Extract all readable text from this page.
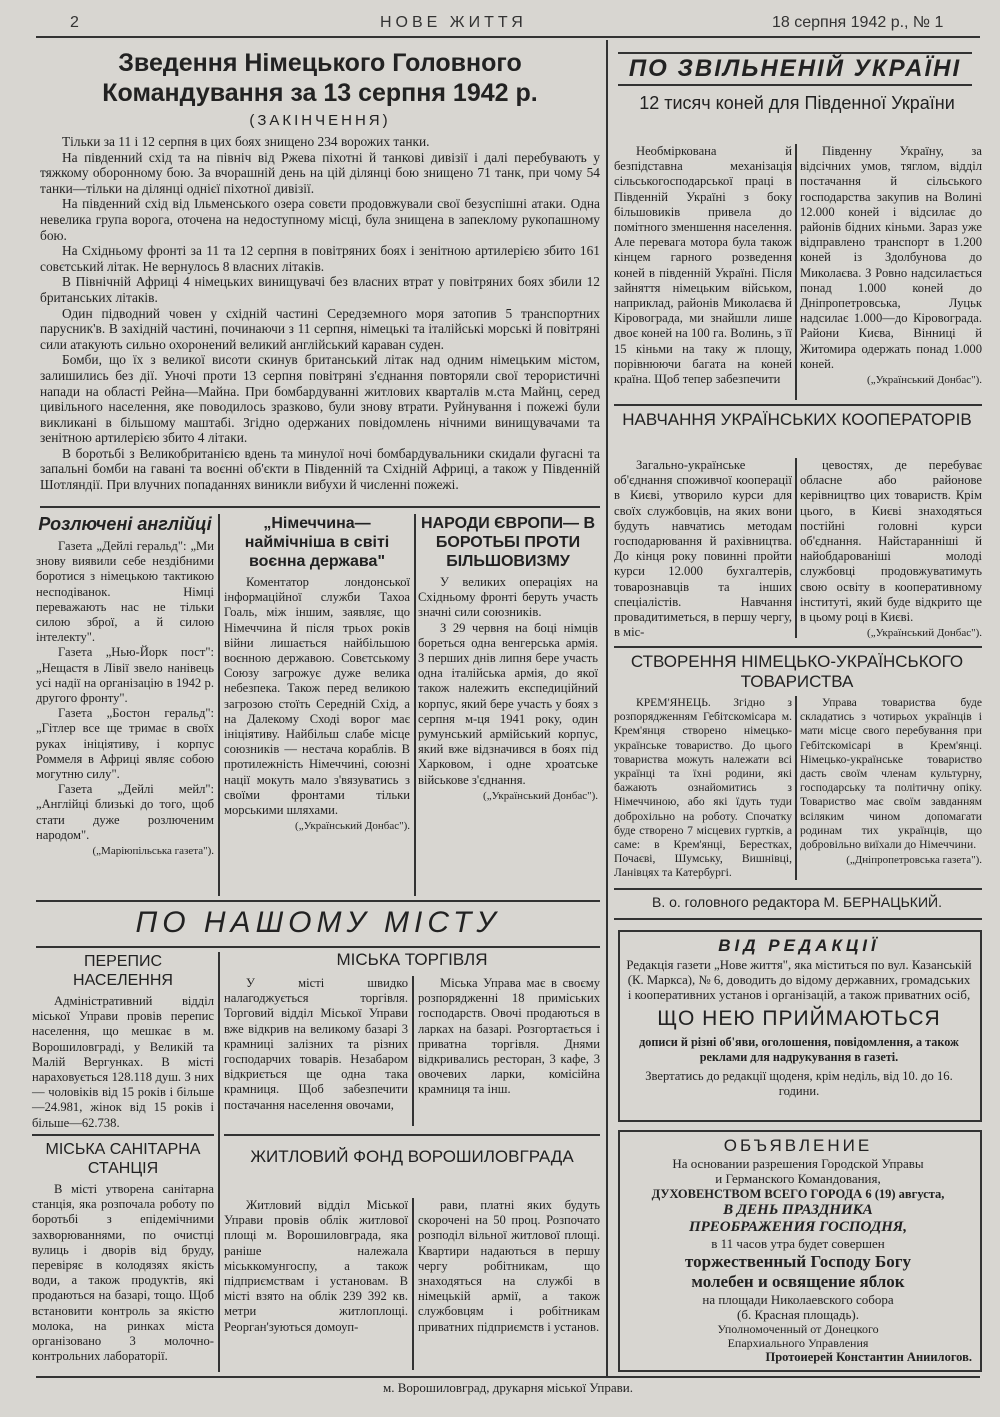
2	НОВЕ ЖИТТЯ	18 серпня 1942 р., № 1
Зведення Німецького Головного
Командування за 13 серпня 1942 р.
(ЗАКІНЧЕННЯ)

Тільки за 11 і 12 серпня в цих боях знищено 234 ворожих танки.

На південний схід та на північ від Ржева піхотні й танкові дивізії і далі перебувають у тяжкому оборонному бою. За вчорашній день на цій ділянці бою знищено 71 танк, при чому 54 танки—тільки на ділянці однієї піхотної дивізії.

На південний схід від Ільменського озера совєти продовжували свої безуспішні атаки. Одна невелика група ворога, оточена на недоступному місці, була знищена в запеклому рукопашному бою.

На Східньому фронті за 11 та 12 серпня в повітряних боях і зенітною артилерією збито 161 совєтський літак. Не вернулось 8 власних літаків.

В Північній Африці 4 німецьких винищувачі без власних втрат у повітряних боях збили 12 британських літаків.

Один підводний човен у східній частині Середземного моря затопив 5 транспортних парусник'в. В західній частині, починаючи з 11 серпня, німецькі та італійські морські й повітряні сили атакують сильно охоронений великий англійський караван суден.

Бомби, що їх з великої висоти скинув британський літак над одним німецьким містом, залишились без дії. Уночі проти 13 серпня повітряні з'єднання повторяли свої терористичні напади на області Рейна—Майна. При бомбардуванні житлових кварталів м.ста Майнц, серед цивільного населення, яке поводилось зразково, були знову втрати. Руйнування і пожежі були викликані в більшому маштабі. Згідно одержаних повідомлень нічними винищувачами та зенітною артилерією збито 4 літаки.

В боротьбі з Великобританією вдень та минулої ночі бомбардувальники скидали фугасні та запальні бомби на гавані та воєнні об'єкти в Південній та Східній Африці, а також у Південній Шотляндії. При влучних попаданнях виникли вибухи й численні пожежі.

Розлючені англійці

Газета „Дейлі геральд": „Ми знову виявили себе нездібними боротися з німецькою тактикою несподіванок. Німці переважають нас не тільки силою зброї, а й силою інтелекту".

Газета „Нью-Йорк пост": „Нещастя в Лівії звело нанівець усі надії на організацію в 1942 р. другого фронту".

Газета „Бостон геральд": „Гітлер все ще тримає в своїх руках ініціятиву, і корпус Роммеля в Африці являє собою могутню силу".

Газета „Дейлі мейл": „Англійці близькі до того, щоб стати дуже розлюченим народом".

(„Маріюпільська газета").

„Німеччина— наймічніша в світі воєнна держава"

Коментатор лондонської інформаційної служби Тахоа Гоаль, між іншим, заявляє, що Німеччина й після трьох років війни лишається найбільшою воєнною державою. Совєтському Союзу загрожує дуже велика небезпека. Також перед великою загрозою стоїть Середній Схід, а на Далекому Сході ворог має ініціятиву. Найбільш слабе місце союзників — нестача кораблів. В протилежність Німеччині, союзні нації мокуть мало з'вязуватись з своїми фронтами тільки морськими шляхами.

(„Український Донбас").

НАРОДИ ЄВРОПИ— В БОРОТЬБІ ПРОТИ БІЛЬШОВИЗМУ

У великих операціях на Східньому фронті беруть участь значні сили союзників.

З 29 червня на боці німців бореться одна венгерська армія. З перших днів липня бере участь одна італійська армія, до якої також належить експедиційний корпус, який бере участь у боях з серпня м-ця 1941 року, один румунський армійський корпус, який вже відзначився в боях під Харковом, і одне хроатське військове з'єднання.

(„Український Донбас").

ПО НАШОМУ МІСТУ
ПЕРЕПИС НАСЕЛЕННЯ

Адміністративний відділ міської Управи провів перепис населення, що мешкає в м. Ворошиловграді, у Великій та Малій Вергунках. В місті нараховується 128.118 душ. З них — чоловіків від 15 років і більше—24.981, жінок від 15 років і більше—62.738.

МІСЬКА САНІТАРНА СТАНЦІЯ

В місті утворена санітарна станція, яка розпочала роботу по боротьбі з епідемічними захворюваннями, по очистці вулиць і дворів від бруду, перевіряє в колодязях якість води, а також продуктів, які продаються на базарі, тощо. Щоб встановити контроль за якістю молока, на ринках міста організовано 3 молочно-контрольних лабораторії.

МІСЬКА ТОРГІВЛЯ

У місті швидко налагоджується торгівля. Торговий відділ Міської Управи вже відкрив на великому базарі 3 крамниці залізних та різних господарчих товарів. Незабаром відкриється ще одна така крамниця. Щоб забезпечити постачання населення овочами,

Міська Управа має в своєму розпорядженні 18 приміських господарств. Овочі продаються в ларках на базарі. Розгортається і приватна торгівля. Днями відкривались ресторан, 3 кафе, 3 овочевих ларки, комісійна крамниця та інш.

ЖИТЛОВИЙ ФОНД ВОРОШИЛОВГРАДА

Житловий відділ Міської Управи провів облік житлової площі м. Ворошиловграда, яка раніше належала міськкомунгоспу, а також підприємствам і установам. В місті взято на облік 239 392 кв. метри житлоплощі. Реорган'зуються домоуп-

рави, платні яких будуть скорочені на 50 проц. Розпочато розподіл вільної житлової площі. Квартири надаються в першу чергу робітникам, що знаходяться на службі в німецькій армії, а також службовцям і робітникам приватних підприємств і установ.

ПО ЗВІЛЬНЕНІЙ УКРАЇНІ
12 тисяч коней для Південної України

Необміркована й безпідставна механізація сільськогосподарської праці в Південній Україні з боку більшовиків привела до помітного зменшення населення. Але перевага мотора була також кінцем гарного розведення коней в південній Україні. Після зайняття німецьким військом, наприклад, районів Миколаєва й Кіровограда, ми знайшли лише двоє коней на 100 га. Волинь, з її 15 кіньми на таку ж площу, порівнюючи багата на коней країна. Щоб тепер забезпечити

Південну Україну, за відсічних умов, тяглом, відділ постачання й сільського господарства закупив на Волині 12.000 коней і відсилає до районів бідних кіньми. Зараз уже відправлено транспорт в 1.200 коней із Здолбунова до Миколаєва. З Ровно надсилається понад 1.000 коней до Дніпропетровська, Луцьк надсилає 1.000—до Кіровограда. Райони Києва, Вінниці й Житомира одержать понад 1.000 коней.

(„Український Донбас").

НАВЧАННЯ УКРАЇНСЬКИХ КООПЕРАТОРІВ

Загально-українське об'єднання споживчої кооперації в Києві, утворило курси для своїх службовців, на яких вони будуть навчатись методам господарювання й рахівництва. До кінця року повинні пройти курси 12.000 бухгалтерів, товарознавців та інших спеціалістів. Навчання провадитиметься, в першу чергу, в міс-

цевостях, де перебуває обласне або районове керівництво цих товариств. Крім цього, в Києві знаходяться постійні головні курси об'єднання. Найстаранніші й найобдарованіші молоді службовці продовжуватимуть свою освіту в кооперативному інституті, який буде відкрито ще в цьому році в Києві.

(„Український Донбас").

СТВОРЕННЯ НІМЕЦЬКО-УКРАЇНСЬКОГО ТОВАРИСТВА

КРЕМ'ЯНЕЦЬ. Згідно з розпорядженням Гебітскомісара м. Крем'янця створено німецько-українське товариство. До цього товариства можуть належати всі українці та їхні родини, які бажають ознайомитись з Німеччиною, або які їдуть туди доброхільно на роботу. Спочатку буде створено 7 місцевих гуртків, а саме: в Крем'янці, Берестках, Почаєві, Шумську, Вишнівці, Ланівцях та Катербургі.

Управа товариства буде складатись з чотирьох українців і мати місце свого перебування при Гебітскомісарі в Крем'янці. Німецько-українське товариство дасть своїм членам культурну, господарську та політичну опіку. Товариство має своїм завданням всіляким чином допомагати родинам тих українців, що добровільно виїхали до Німеччини.

(„Дніпропетровська газета").

В. о. головного редактора М. БЕРНАЦЬКИЙ.
ВІД РЕДАКЦІЇ

Редакція газети „Нове життя", яка міститься по вул. Казанській (К. Маркса), № 6, доводить до відому державних, громадських і кооперативних установ і організацій, а також приватних осіб,

ЩО НЕЮ ПРИЙМАЮТЬСЯ

дописи й різні об'яви, оголошення, повідомлення, а також реклами для надрукування в газеті.

Звертатись до редакції щоденя, крім неділь, від 10. до 16. години.

ОБЪЯВЛЕНИЕ
На основании разрешения Городской Управы
и Германского Командования,
ДУХОВЕНСТВОМ ВСЕГО ГОРОДА 6 (19) августа,
В ДЕНЬ ПРАЗДНИКА
ПРЕОБРАЖЕНИЯ ГОСПОДНЯ,
в 11 часов утра будет совершен
торжественный Господу Богу
молебен и освящение яблок
на площади Николаевского собора
(б. Красная площадь).
Уполномоченный от Донецкого
Епархиального Управления
Протоиерей Константин Аниилогов.
м. Ворошиловград, друкарня міської Управи.
